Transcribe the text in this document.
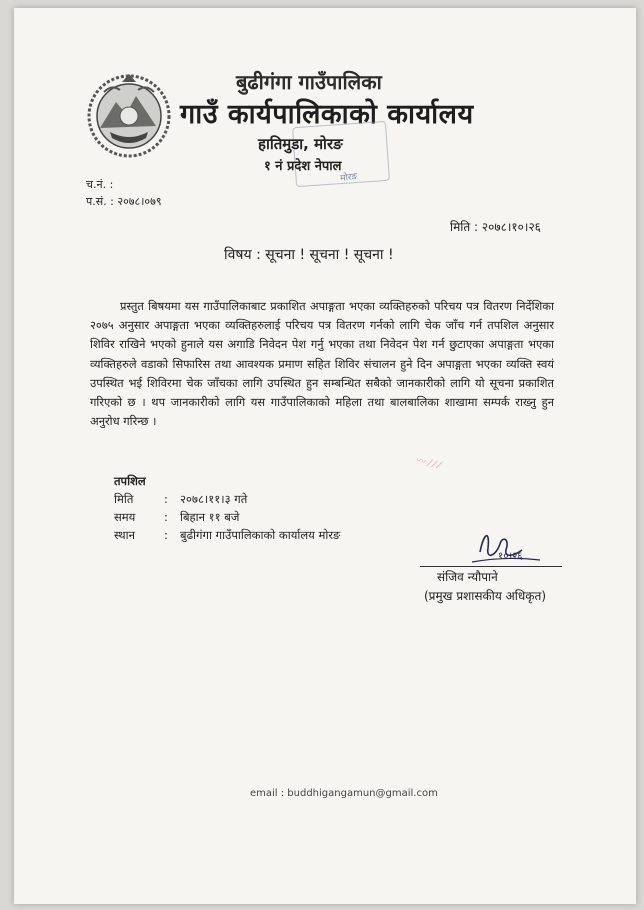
बुढीगंगा गाउँपालिका
गाउँ कार्यपालिकाको कार्यालय
हातिमुडा, मोरङ
१ नं प्रदेश नेपाल
मोरङ
च.नं. :
प.सं. : २०७८।०७९
मिति : २०७८।१०।२६
विषय : सूचना ! सूचना ! सूचना !
प्रस्तुत बिषयमा यस गाउँपालिकाबाट प्रकाशित अपाङ्गता भएका व्यक्तिहरुको परिचय पत्र वितरण निर्देशिका २०७५ अनुसार अपाङ्गता भएका व्यक्तिहरुलाई परिचय पत्र वितरण गर्नको लागि चेक जाँच गर्न तपशिल अनुसार शिविर राखिने भएको हुनाले यस अगाडि निवेदन पेश गर्नु भएका तथा निवेदन पेश गर्न छुटाएका अपाङ्गता भएका व्यक्तिहरुले वडाको सिफारिस तथा आवश्यक प्रमाण सहित शिविर संचालन हुने दिन अपाङ्गता भएका व्यक्ति स्वयं उपस्थित भई शिविरमा चेक जाँचका लागि उपस्थित हुन सम्बन्धित सबैको जानकारीको लागि यो सूचना प्रकाशित गरिएको छ । थप जानकारीको लागि यस गाउँपालिकाको महिला तथा बालबालिका शाखामा सम्पर्क राख्नु हुन अनुरोध गरिन्छ ।
तपशिल
मिति	:	२०७८।११।३ गते
समय	:	बिहान ११ बजे
स्थान	:	बुढीगंगा गाउँपालिकाको कार्यालय मोरङ
१०।२६
संजिव न्यौपाने
(प्रमुख प्रशासकीय अधिकृत)
〰 ⁄ ⁄ ⁄
email : buddhiganga​mun@gmail.com
